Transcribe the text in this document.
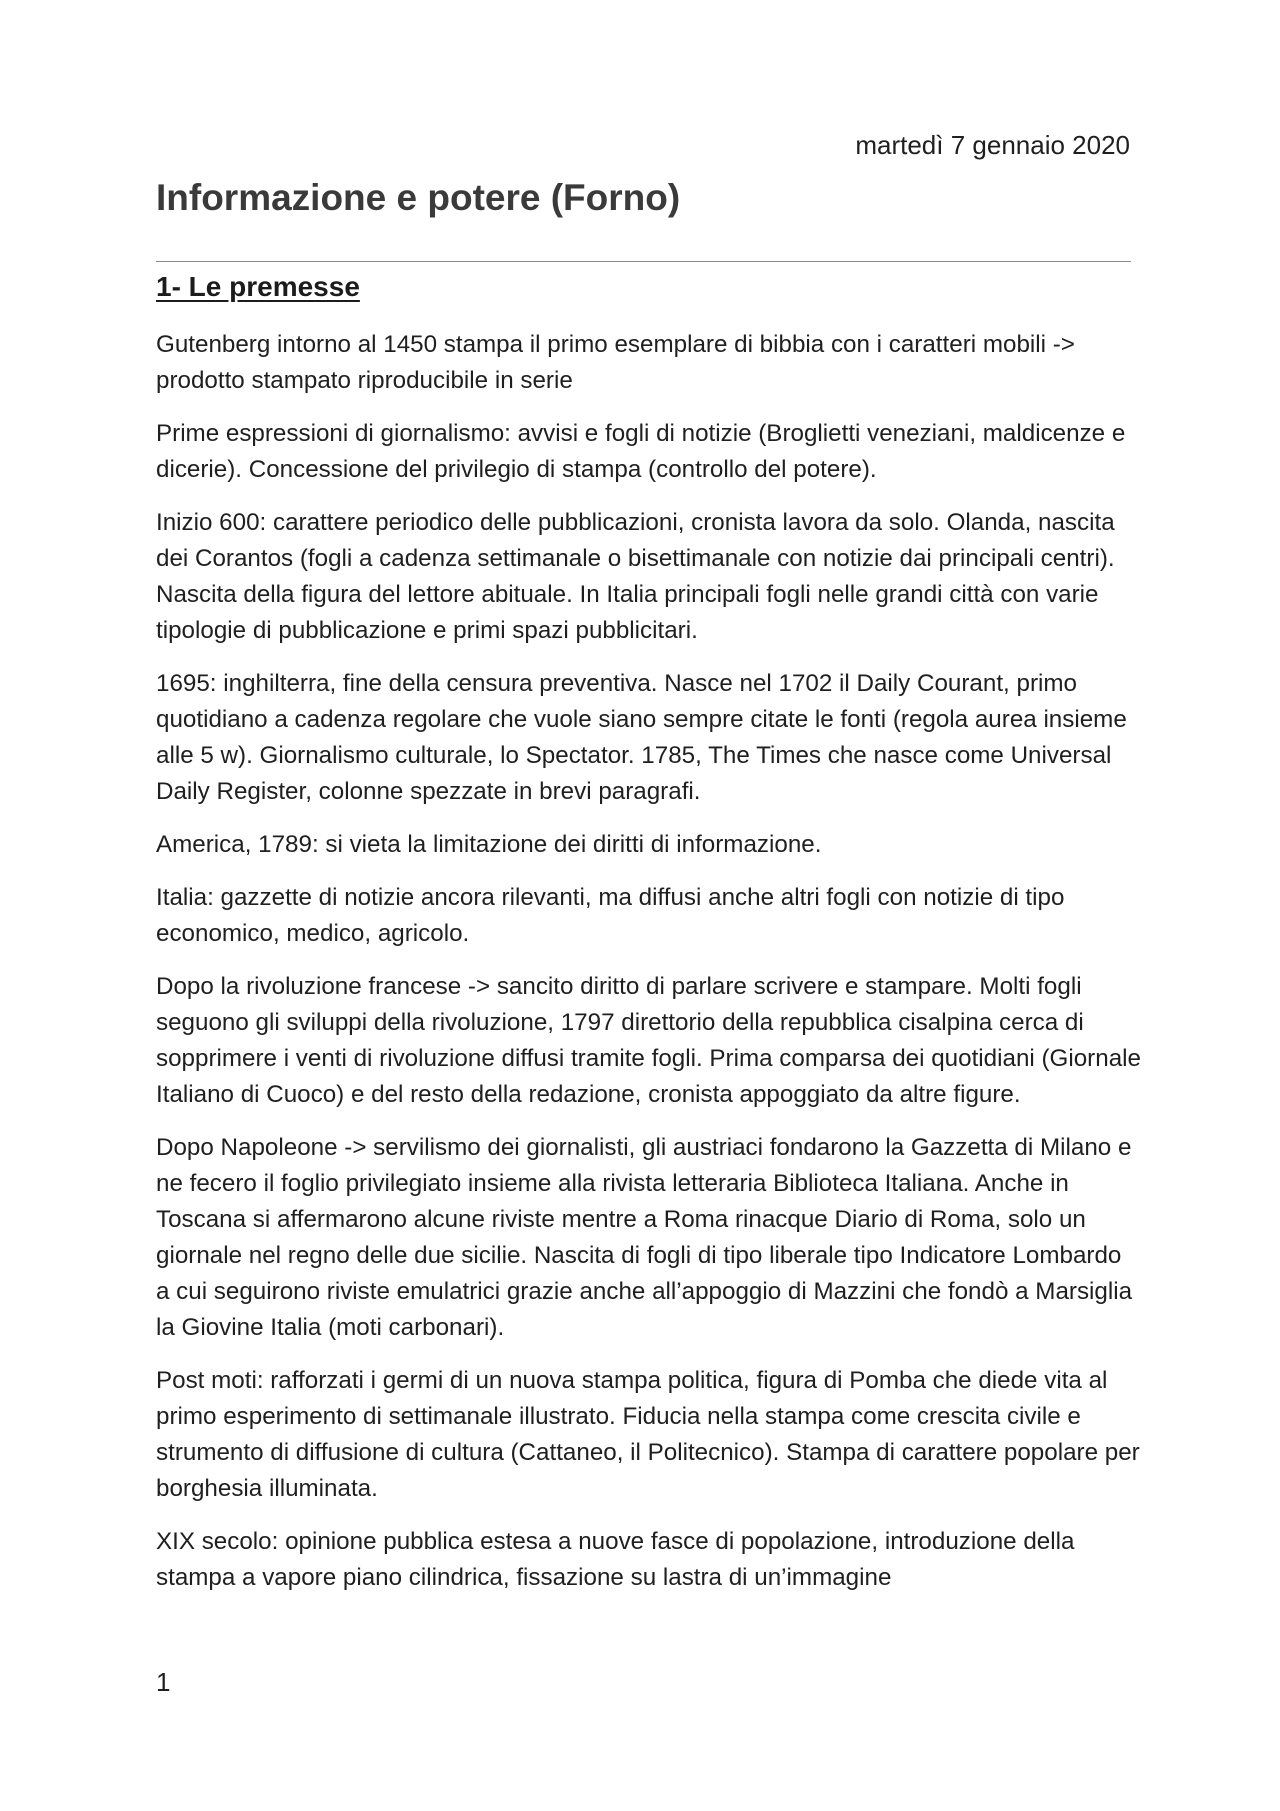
martedì 7 gennaio 2020
Informazione e potere (Forno)
1- Le premesse

Gutenberg intorno al 1450 stampa il primo esemplare di bibbia con i caratteri mobili -> prodotto stampato riproducibile in serie

Prime espressioni di giornalismo: avvisi e fogli di notizie (Broglietti veneziani, maldicenze e dicerie). Concessione del privilegio di stampa (controllo del potere).

Inizio 600: carattere periodico delle pubblicazioni, cronista lavora da solo. Olanda, nascita dei Corantos (fogli a cadenza settimanale o bisettimanale con notizie dai principali centri). Nascita della figura del lettore abituale. In Italia principali fogli nelle grandi città con varie tipologie di pubblicazione e primi spazi pubblicitari.

1695: inghilterra, fine della censura preventiva. Nasce nel 1702 il Daily Courant, primo quotidiano a cadenza regolare che vuole siano sempre citate le fonti (regola aurea insieme alle 5 w). Giornalismo culturale, lo Spectator. 1785, The Times che nasce come Universal Daily Register, colonne spezzate in brevi paragrafi.

America, 1789: si vieta la limitazione dei diritti di informazione.

Italia: gazzette di notizie ancora rilevanti, ma diffusi anche altri fogli con notizie di tipo economico, medico, agricolo.

Dopo la rivoluzione francese -> sancito diritto di parlare scrivere e stampare. Molti fogli seguono gli sviluppi della rivoluzione, 1797 direttorio della repubblica cisalpina cerca di sopprimere i venti di rivoluzione diffusi tramite fogli. Prima comparsa dei quotidiani (Giornale Italiano di Cuoco) e del resto della redazione, cronista appoggiato da altre figure.

Dopo Napoleone -> servilismo dei giornalisti, gli austriaci fondarono la Gazzetta di Milano e ne fecero il foglio privilegiato insieme alla rivista letteraria Biblioteca Italiana. Anche in Toscana si affermarono alcune riviste mentre a Roma rinacque Diario di Roma, solo un giornale nel regno delle due sicilie. Nascita di fogli di tipo liberale tipo Indicatore Lombardo a cui seguirono riviste emulatrici grazie anche all’appoggio di Mazzini che fondò a Marsiglia la Giovine Italia (moti carbonari).

Post moti: rafforzati i germi di un nuova stampa politica, figura di Pomba che diede vita al primo esperimento di settimanale illustrato. Fiducia nella stampa come crescita civile e strumento di diffusione di cultura (Cattaneo, il Politecnico). Stampa di carattere popolare per borghesia illuminata.

XIX secolo: opinione pubblica estesa a nuove fasce di popolazione, introduzione della stampa a vapore piano cilindrica, fissazione su lastra di un’immagine

1
